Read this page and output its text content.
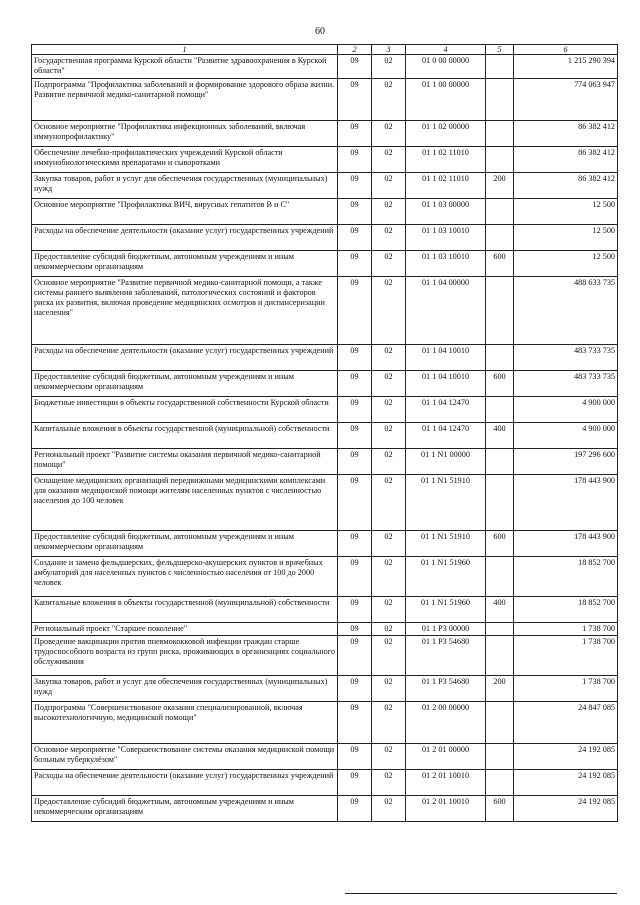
60
1	2	3	4	5	6
Государственная программа Курской области "Развитие здравоохранения в Курской области"	09	02	01 0 00 00000		1 215 290 394
Подпрограмма "Профилактика заболеваний и формирование здорового образа жизни. Развитие первичной медико-санитарной помощи"	09	02	01 1 00 00000		774 063 947
Основное мероприятие "Профилактика инфекционных заболеваний, включая иммунопрофилактику"	09	02	01 1 02 00000		86 382 412
Обеспечение лечебно-профилактических учреждений Курской области иммунобиологическими препаратами и сыворотками	09	02	01 1 02 11010		86 382 412
Закупка товаров, работ и услуг для обеспечения государственных (муниципальных) нужд	09	02	01 1 02 11010	200	86 382 412
Основное мероприятие "Профилактика ВИЧ, вирусных гепатитов В и С"	09	02	01 1 03 00000		12 500
Расходы на обеспечение деятельности (оказание услуг) государственных учреждений	09	02	01 1 03 10010		12 500
Предоставление субсидий бюджетным, автономным учреждениям и иным некоммерческим организациям	09	02	01 1 03 10010	600	12 500
Основное мероприятие "Развитие первичной медико-санитарной помощи, а также системы раннего выявления заболеваний, патологических состояний и факторов риска их развития, включая проведение медицинских осмотров и диспансеризации населения"	09	02	01 1 04 00000		488 633 735
Расходы на обеспечение деятельности (оказание услуг) государственных учреждений	09	02	01 1 04 10010		483 733 735
Предоставление субсидий бюджетным, автономным учреждениям и иным некоммерческим организациям	09	02	01 1 04 10010	600	483 733 735
Бюджетные инвестиции в объекты государственной собственности Курской области	09	02	01 1 04 12470		4 900 000
Капитальные вложения в объекты государственной (муниципальной) собственности	09	02	01 1 04 12470	400	4 900 000
Региональный проект "Развитие системы оказания первичной медико-санитарной помощи"	09	02	01 1 N1 00000		197 296 600
Оснащение медицинских организаций передвижными медицинскими комплексами для оказания медицинской помощи жителям населенных пунктов с численностью населения до 100 человек	09	02	01 1 N1 51910		178 443 900
Предоставление субсидий бюджетным, автономным учреждениям и иным некоммерческим организациям	09	02	01 1 N1 51910	600	178 443 900
Создание и замена фельдшерских, фельдшерско-акушерских пунктов и врачебных амбулаторий для населенных пунктов с численностью населения от 100 до 2000 человек	09	02	01 1 N1 51960		18 852 700
Капитальные вложения в объекты государственной (муниципальной) собственности	09	02	01 1 N1 51960	400	18 852 700
Региональный проект "Старшее поколение"	09	02	01 1 P3 00000		1 738 700
Проведение вакцинации против пневмококковой инфекции граждан старше трудоспособного возраста из групп риска, проживающих в организациях социального обслуживания	09	02	01 1 P3 54680		1 738 700
Закупка товаров, работ и услуг для обеспечения государственных (муниципальных) нужд	09	02	01 1 P3 54680	200	1 738 700
Подпрограмма "Совершенствование оказания специализированной, включая высокотехнологичную, медицинской помощи"	09	02	01 2 00 00000		24 847 085
Основное мероприятие "Совершенствование системы оказания медицинской помощи больным туберкулёзом"	09	02	01 2 01 00000		24 192 085
Расходы на обеспечение деятельности (оказание услуг) государственных учреждений	09	02	01 2 01 10010		24 192 085
Предоставление субсидий бюджетным, автономным учреждениям и иным некоммерческим организациям	09	02	01 2 01 10010	600	24 192 085
